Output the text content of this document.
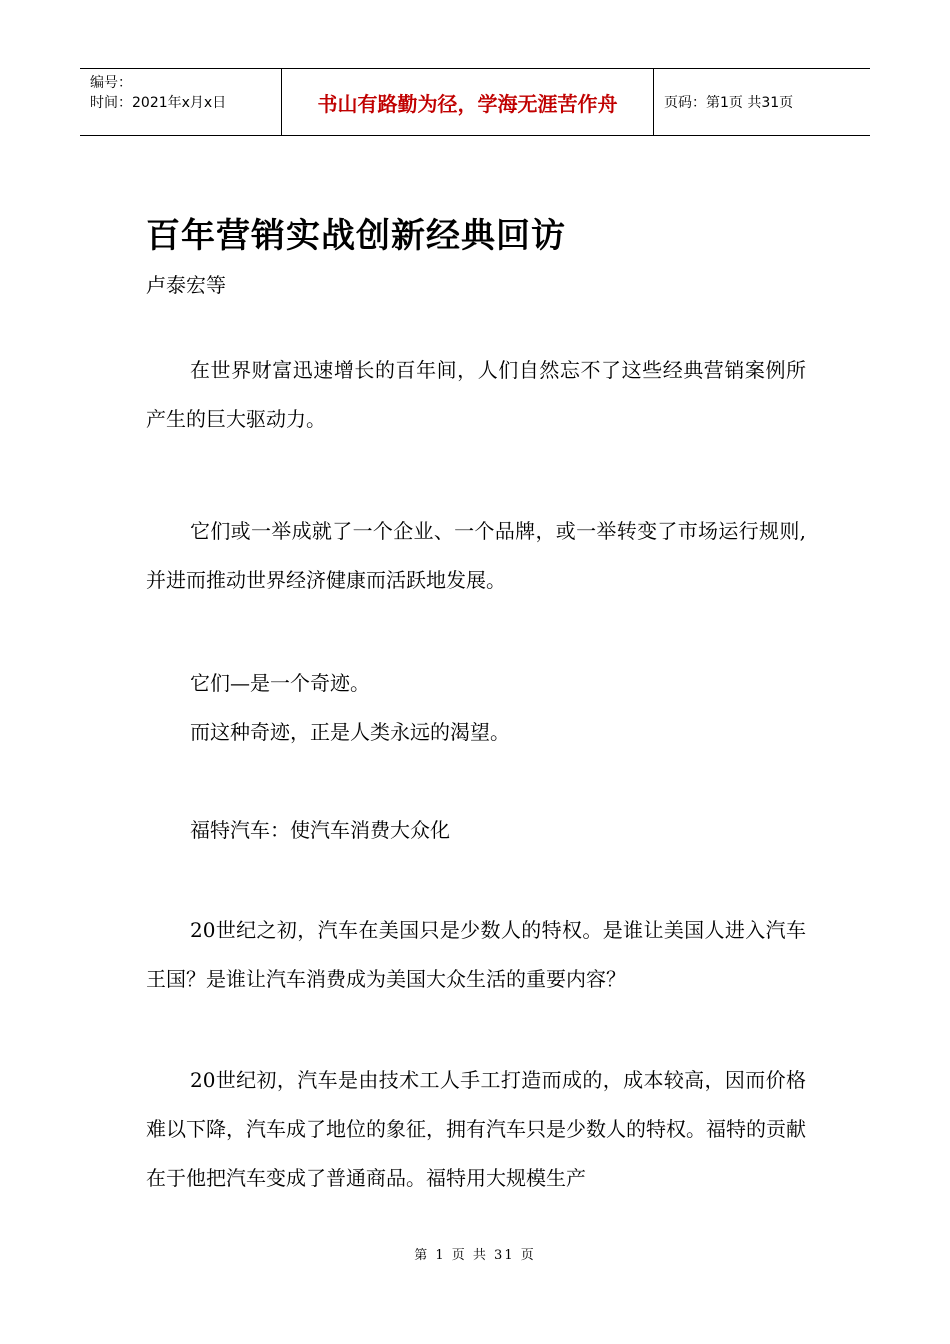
编号：
时间：2021年x月x日	书山有路勤为径，学海无涯苦作舟	页码：第1页 共31页
百年营销实战创新经典回访
卢泰宏等
在世界财富迅速增长的百年间，人们自然忘不了这些经典营销案例所产生的巨大驱动力。
它们或一举成就了一个企业、一个品牌，或一举转变了市场运行规则,并进而推动世界经济健康而活跃地发展。
它们—是一个奇迹。
而这种奇迹，正是人类永远的渴望。
福特汽车：使汽车消费大众化
20世纪之初，汽车在美国只是少数人的特权。是谁让美国人进入汽车王国？是谁让汽车消费成为美国大众生活的重要内容？
20世纪初，汽车是由技术工人手工打造而成的，成本较高，因而价格难以下降，汽车成了地位的象征，拥有汽车只是少数人的特权。福特的贡献在于他把汽车变成了普通商品。福特用大规模生产
第 1 页 共 31 页
